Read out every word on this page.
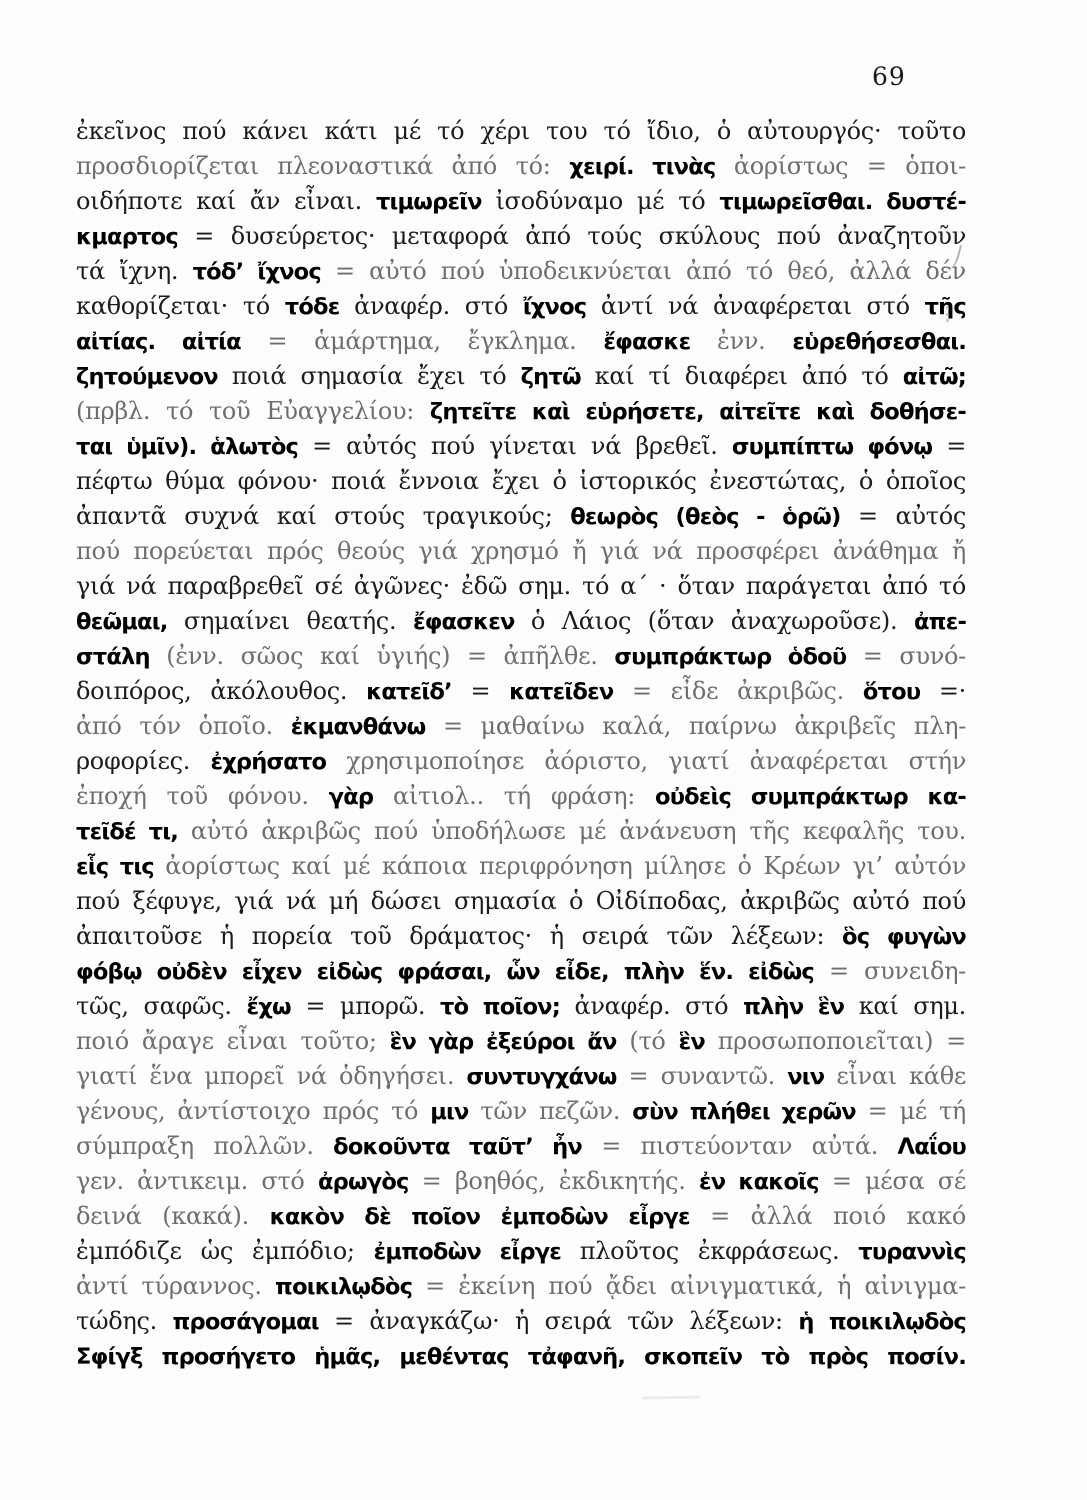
69
ἐκεῖνος πού κάνει κάτι μέ τό χέρι του τό ἴδιο, ὁ αὐτουργός· τοῦτο
προσδιορίζεται πλεοναστικά ἀπό τό: χειρί. τινὰς ἀορίστως = ὁποι-
οιδήποτε καί ἄν εἶναι. τιμωρεῖν ἰσοδύναμο μέ τό τιμωρεῖσθαι. δυστέ-
κμαρτος = δυσεύρετος· μεταφορά ἀπό τούς σκύλους πού ἀναζητοῦν
τά ἴχνη. τόδ’ ἴχνος = αὐτό πού ὑποδεικνύεται ἀπό τό θεό, ἀλλά δέν
καθορίζεται· τό τόδε ἀναφέρ. στό ἴχνος ἀντί νά ἀναφέρεται στό τῆς
αἰτίας. αἰτία = ἁμάρτημα, ἔγκλημα. ἔφασκε ἐνν. εὑρεθήσεσθαι.
ζητούμενον ποιά σημασία ἔχει τό ζητῶ καί τί διαφέρει ἀπό τό αἰτῶ;
(πρβλ. τό τοῦ Εὐαγγελίου: ζητεῖτε καὶ εὑρήσετε, αἰτεῖτε καὶ δοθήσε-
ται ὑμῖν). ἁλωτὸς = αὐτός πού γίνεται νά βρεθεῖ. συμπίπτω φόνῳ =
πέφτω θύμα φόνου· ποιά ἔννοια ἔχει ὁ ἱστορικός ἐνεστώτας, ὁ ὁποῖος
ἀπαντᾶ συχνά καί στούς τραγικούς; θεωρὸς (θεὸς - ὁρῶ) = αὐτός
πού πορεύεται πρός θεούς γιά χρησμό ἤ γιά νά προσφέρει ἀνάθημα ἤ
γιά νά παραβρεθεῖ σέ ἀγῶνες· ἐδῶ σημ. τό α΄ · ὅταν παράγεται ἀπό τό
θεῶμαι, σημαίνει θεατής. ἔφασκεν ὁ Λάιος (ὅταν ἀναχωροῦσε). ἀπε-
στάλη (ἐνν. σῶος καί ὑγιής) = ἀπῆλθε. συμπράκτωρ ὁδοῦ = συνό-
δοιπόρος, ἀκόλουθος. κατεῖδ’ = κατεῖδεν = εἶδε ἀκριβῶς. ὅτου =·
ἀπό τόν ὁποῖο. ἐκμανθάνω = μαθαίνω καλά, παίρνω ἀκριβεῖς πλη-
ροφορίες. ἐχρήσατο χρησιμοποίησε ἀόριστο, γιατί ἀναφέρεται στήν
ἐποχή τοῦ φόνου. γὰρ αἰτιολ.. τή φράση: οὐδεὶς συμπράκτωρ κα-
τεῖδέ τι, αὐτό ἀκριβῶς πού ὑποδήλωσε μέ ἀνάνευση τῆς κεφαλῆς του.
εἷς τις ἀορίστως καί μέ κάποια περιφρόνηση μίλησε ὁ Κρέων γι’ αὐτόν
πού ξέφυγε, γιά νά μή δώσει σημασία ὁ Οἰδίποδας, ἀκριβῶς αὐτό πού
ἀπαιτοῦσε ἡ πορεία τοῦ δράματος· ἡ σειρά τῶν λέξεων: ὃς φυγὼν
φόβῳ οὐδὲν εἶχεν εἰδὼς φράσαι, ὧν εἶδε, πλὴν ἕν. εἰδὼς = συνειδη-
τῶς, σαφῶς. ἔχω = μπορῶ. τὸ ποῖον; ἀναφέρ. στό πλὴν ἓν καί σημ.
ποιό ἄραγε εἶναι τοῦτο; ἓν γὰρ ἐξεύροι ἄν (τό ἓν προσωποποιεῖται) =
γιατί ἕνα μπορεῖ νά ὁδηγήσει. συντυγχάνω = συναντῶ. νιν εἶναι κάθε
γένους, ἀντίστοιχο πρός τό μιν τῶν πεζῶν. σὺν πλήθει χερῶν = μέ τή
σύμπραξη πολλῶν. δοκοῦντα ταῦτ’ ἦν = πιστεύονταν αὐτά. Λαΐου
γεν. ἀντικειμ. στό ἀρωγὸς = βοηθός, ἐκδικητής. ἐν κακοῖς = μέσα σέ
δεινά (κακά). κακὸν δὲ ποῖον ἐμποδὼν εἶργε = ἀλλά ποιό κακό
ἐμπόδιζε ὡς ἐμπόδιο; ἐμποδὼν εἶργε πλοῦτος ἐκφράσεως. τυραννὶς
ἀντί τύραννος. ποικιλῳδὸς = ἐκείνη πού ᾄδει αἰνιγματικά, ἡ αἰνιγμα-
τώδης. προσάγομαι = ἀναγκάζω· ἡ σειρά τῶν λέξεων: ἡ ποικιλῳδὸς
Σφίγξ προσήγετο ἡμᾶς, μεθέντας τἀφανῆ, σκοπεῖν τὸ πρὸς ποσίν.
